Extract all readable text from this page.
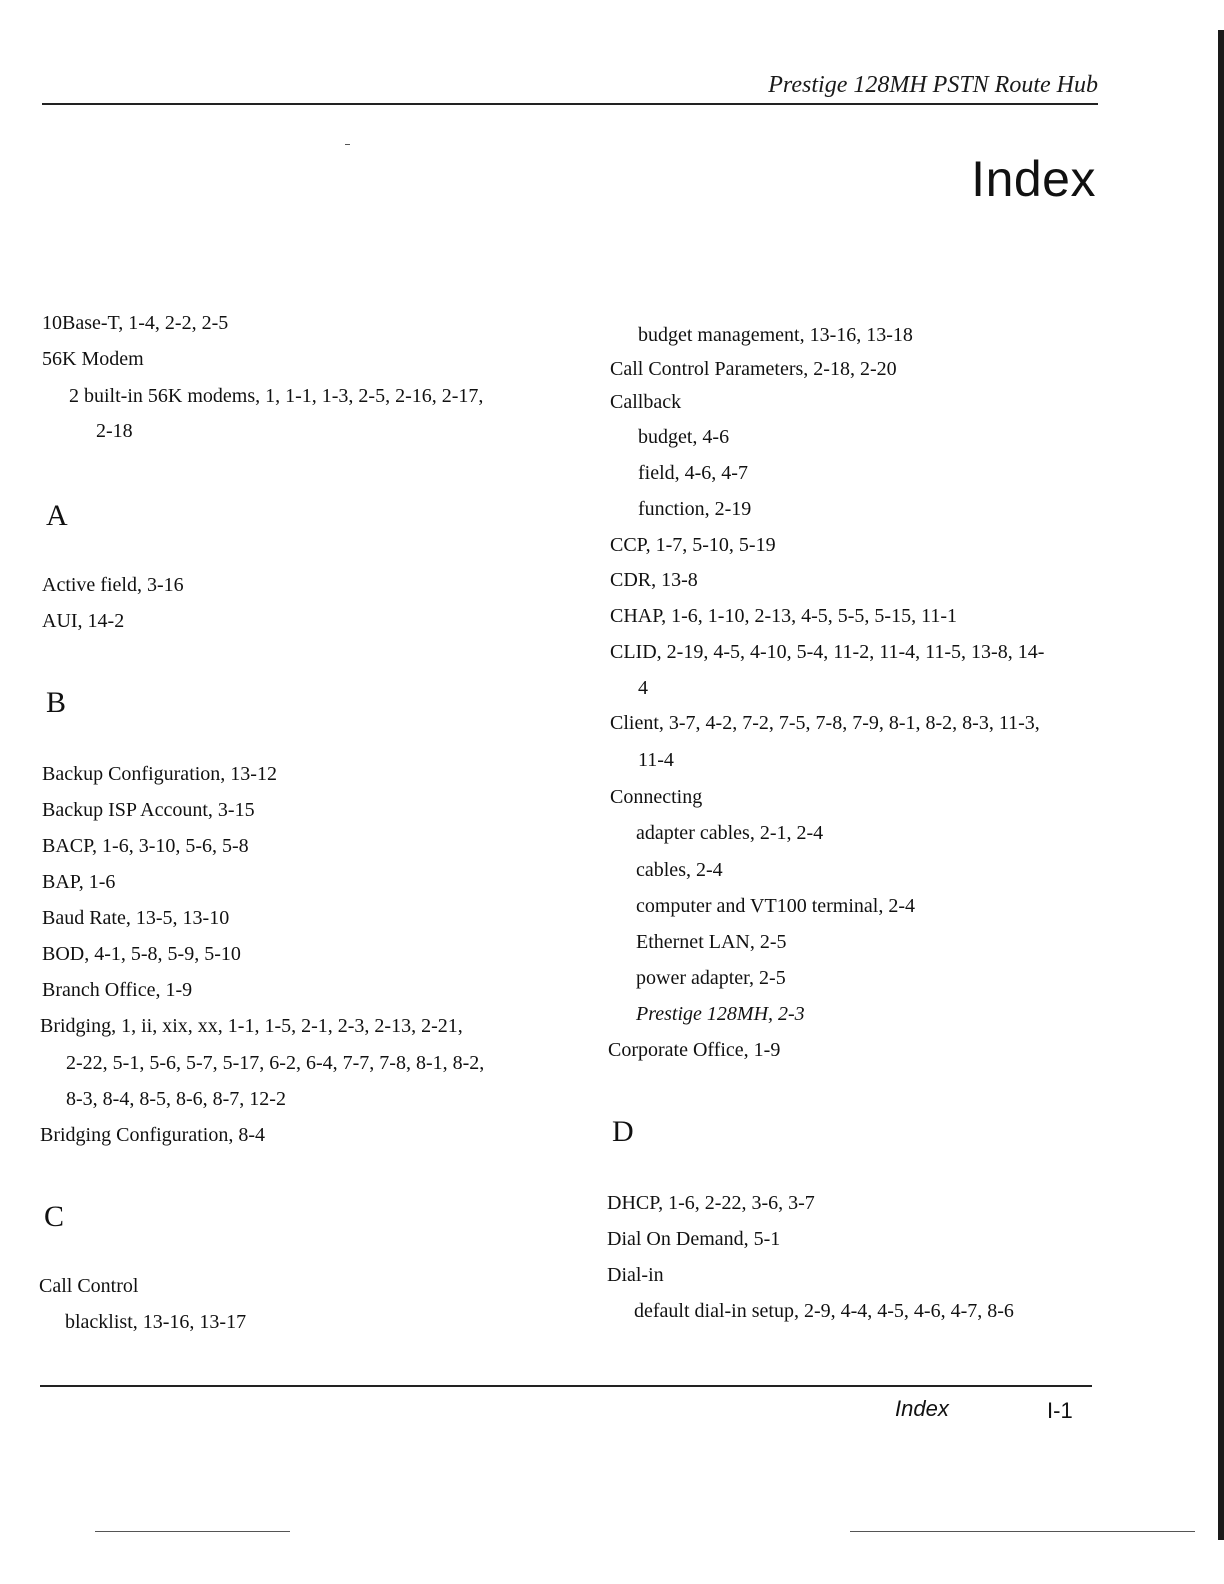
Prestige 128MH PSTN Route Hub
Index
10Base-T, 1-4, 2-2, 2-5
56K Modem
2 built-in 56K modems, 1, 1-1, 1-3, 2-5, 2-16, 2-17,
2-18
A
Active field, 3-16
AUI, 14-2
B
Backup Configuration, 13-12
Backup ISP Account, 3-15
BACP, 1-6, 3-10, 5-6, 5-8
BAP, 1-6
Baud Rate, 13-5, 13-10
BOD, 4-1, 5-8, 5-9, 5-10
Branch Office, 1-9
Bridging, 1, ii, xix, xx, 1-1, 1-5, 2-1, 2-3, 2-13, 2-21,
2-22, 5-1, 5-6, 5-7, 5-17, 6-2, 6-4, 7-7, 7-8, 8-1, 8-2,
8-3, 8-4, 8-5, 8-6, 8-7, 12-2
Bridging Configuration, 8-4
C
Call Control
blacklist, 13-16, 13-17
budget management, 13-16, 13-18
Call Control Parameters, 2-18, 2-20
Callback
budget, 4-6
field, 4-6, 4-7
function, 2-19
CCP, 1-7, 5-10, 5-19
CDR, 13-8
CHAP, 1-6, 1-10, 2-13, 4-5, 5-5, 5-15, 11-1
CLID, 2-19, 4-5, 4-10, 5-4, 11-2, 11-4, 11-5, 13-8, 14-
4
Client, 3-7, 4-2, 7-2, 7-5, 7-8, 7-9, 8-1, 8-2, 8-3, 11-3,
11-4
Connecting
adapter cables, 2-1, 2-4
cables, 2-4
computer and VT100 terminal, 2-4
Ethernet LAN, 2-5
power adapter, 2-5
Prestige 128MH, 2-3
Corporate Office, 1-9
D
DHCP, 1-6, 2-22, 3-6, 3-7
Dial On Demand, 5-1
Dial-in
default dial-in setup, 2-9, 4-4, 4-5, 4-6, 4-7, 8-6
Index	I-1
